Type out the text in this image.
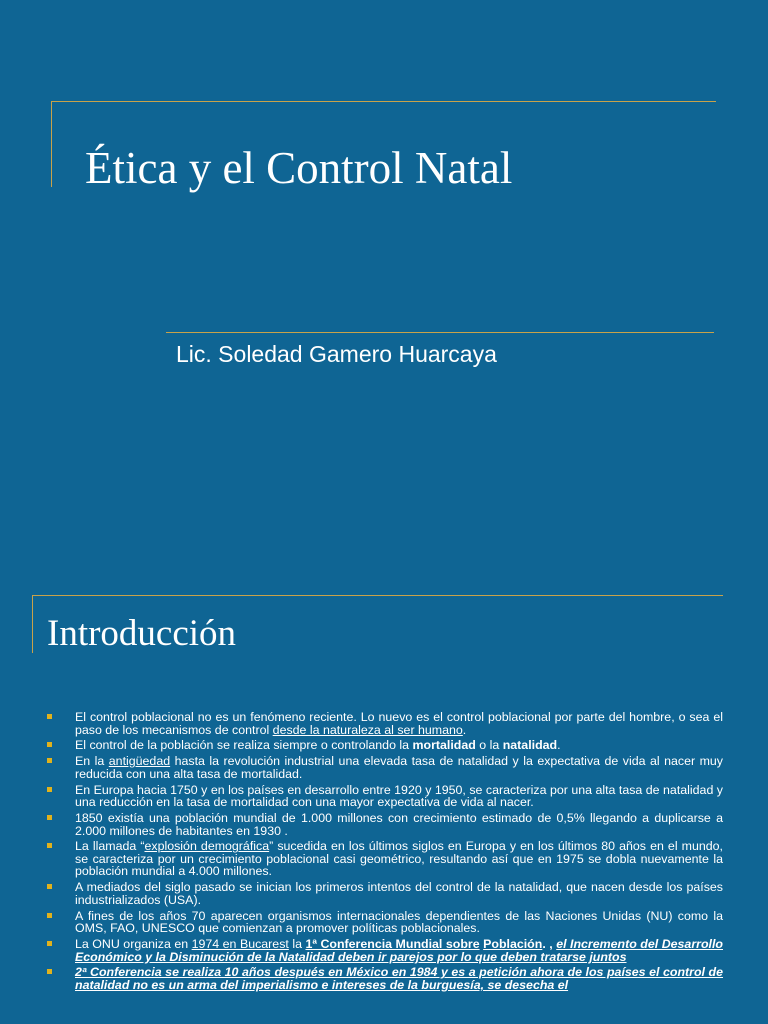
Ética y el Control Natal
Lic. Soledad Gamero Huarcaya
Introducción
El control poblacional no es un fenómeno reciente. Lo nuevo es el control poblacional por parte del hombre, o sea el paso de los mecanismos de control desde la naturaleza al ser humano.
El control de la población se realiza siempre o controlando la mortalidad o la natalidad.
En la antigüedad hasta la revolución industrial una elevada tasa de natalidad y la expectativa de vida al nacer muy reducida con una alta tasa de mortalidad.
En Europa hacia 1750 y en los países en desarrollo entre 1920 y 1950, se caracteriza por una alta tasa de natalidad y una reducción en la tasa de mortalidad con una mayor expectativa de vida al nacer.
1850 existía una población mundial de 1.000 millones con crecimiento estimado de 0,5% llegando a duplicarse a 2.000 millones de habitantes en 1930 .
La llamada “explosión demográfica” sucedida en los últimos siglos en Europa y en los últimos 80 años en el mundo, se caracteriza por un crecimiento poblacional casi geométrico, resultando así que en 1975 se dobla nuevamente la población mundial a 4.000 millones.
A mediados del siglo pasado se inician los primeros intentos del control de la natalidad, que nacen desde los países industrializados (USA).
A fines de los años 70 aparecen organismos internacionales dependientes de las Naciones Unidas (NU) como la OMS, FAO, UNESCO que comienzan a promover políticas poblacionales.
La ONU organiza en 1974 en Bucarest la 1ª Conferencia Mundial sobre Población. , el Incremento del Desarrollo Económico y la Disminución de la Natalidad deben ir parejos por lo que deben tratarse juntos
2ª Conferencia se realiza 10 años después en México en 1984 y es a petición ahora de los países el control de natalidad no es un arma del imperialismo e intereses de la burguesía, se desecha el
